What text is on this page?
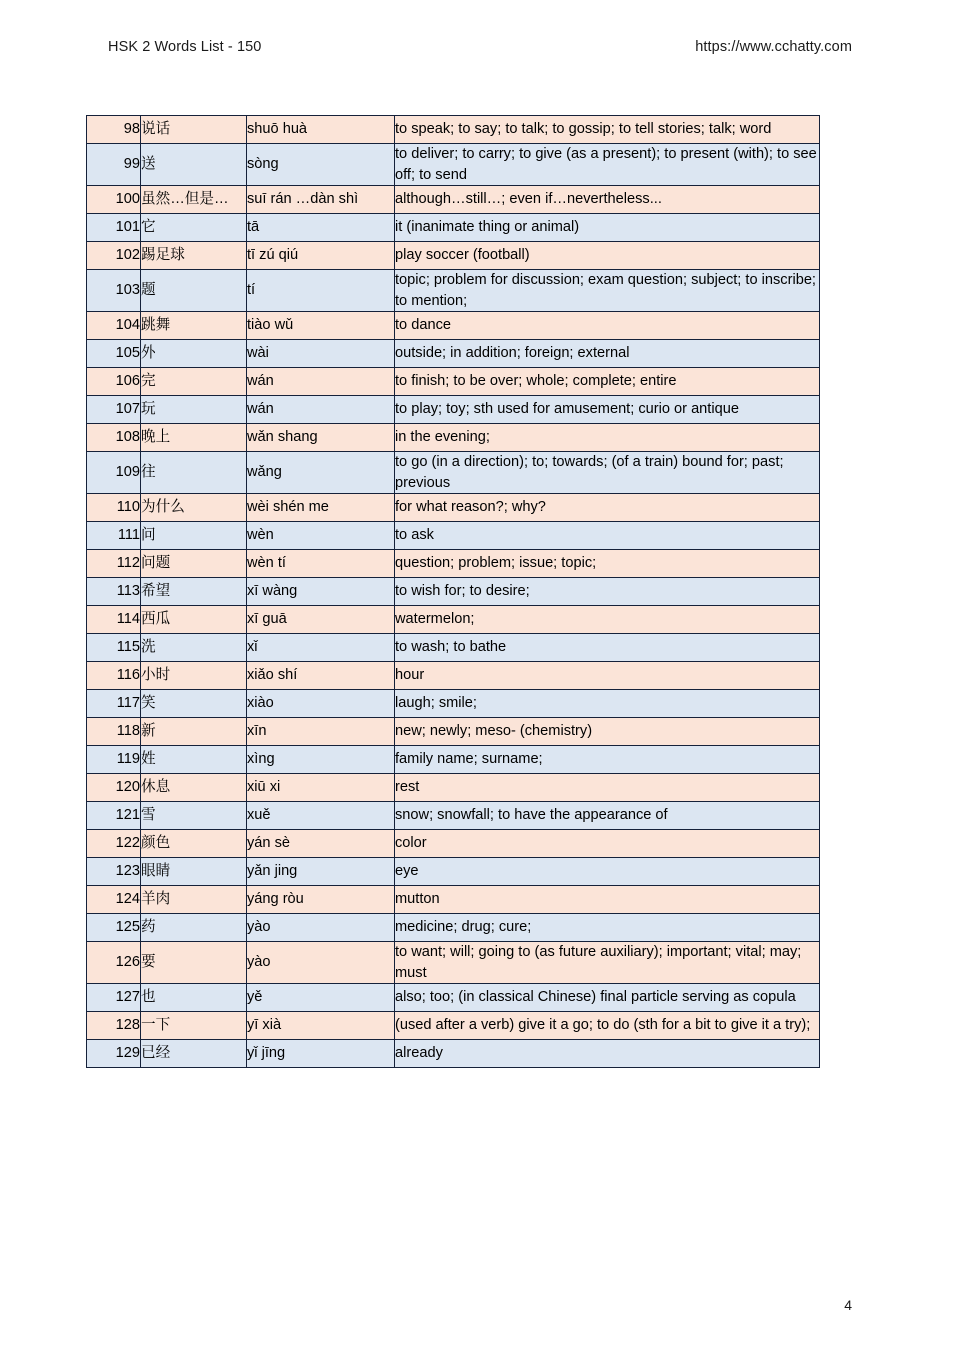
HSK 2 Words List - 150	https://www.cchatty.com
98	说话	shuō huà	to speak; to say; to talk; to gossip; to tell stories; talk; word
99	送	sòng	to deliver; to carry; to give (as a present); to present (with); to see off; to send
100	虽然…但是…	suī rán …dàn shì	although…still…; even if…nevertheless...
101	它	tā	it (inanimate thing or animal)
102	踢足球	tī zú qiú	play soccer (football)
103	题	tí	topic; problem for discussion; exam question; subject; to inscribe; to mention;
104	跳舞	tiào wǔ	to dance
105	外	wài	outside; in addition; foreign; external
106	完	wán	to finish; to be over; whole; complete; entire
107	玩	wán	to play; toy; sth used for amusement; curio or antique
108	晚上	wǎn shang	in the evening;
109	往	wǎng	to go (in a direction); to; towards; (of a train) bound for; past; previous
110	为什么	wèi shén me	for what reason?; why?
111	问	wèn	to ask
112	问题	wèn tí	question; problem; issue; topic;
113	希望	xī wàng	to wish for; to desire;
114	西瓜	xī guā	watermelon;
115	洗	xǐ	to wash; to bathe
116	小时	xiǎo shí	hour
117	笑	xiào	laugh; smile;
118	新	xīn	new; newly; meso- (chemistry)
119	姓	xìng	family name; surname;
120	休息	xiū xi	rest
121	雪	xuě	snow; snowfall; to have the appearance of
122	颜色	yán sè	color
123	眼睛	yǎn jing	eye
124	羊肉	yáng ròu	mutton
125	药	yào	medicine; drug; cure;
126	要	yào	to want; will; going to (as future auxiliary); important; vital; may; must
127	也	yě	also; too; (in classical Chinese) final particle serving as copula
128	一下	yī xià	(used after a verb) give it a go; to do (sth for a bit to give it a try);
129	已经	yǐ jīng	already
4
